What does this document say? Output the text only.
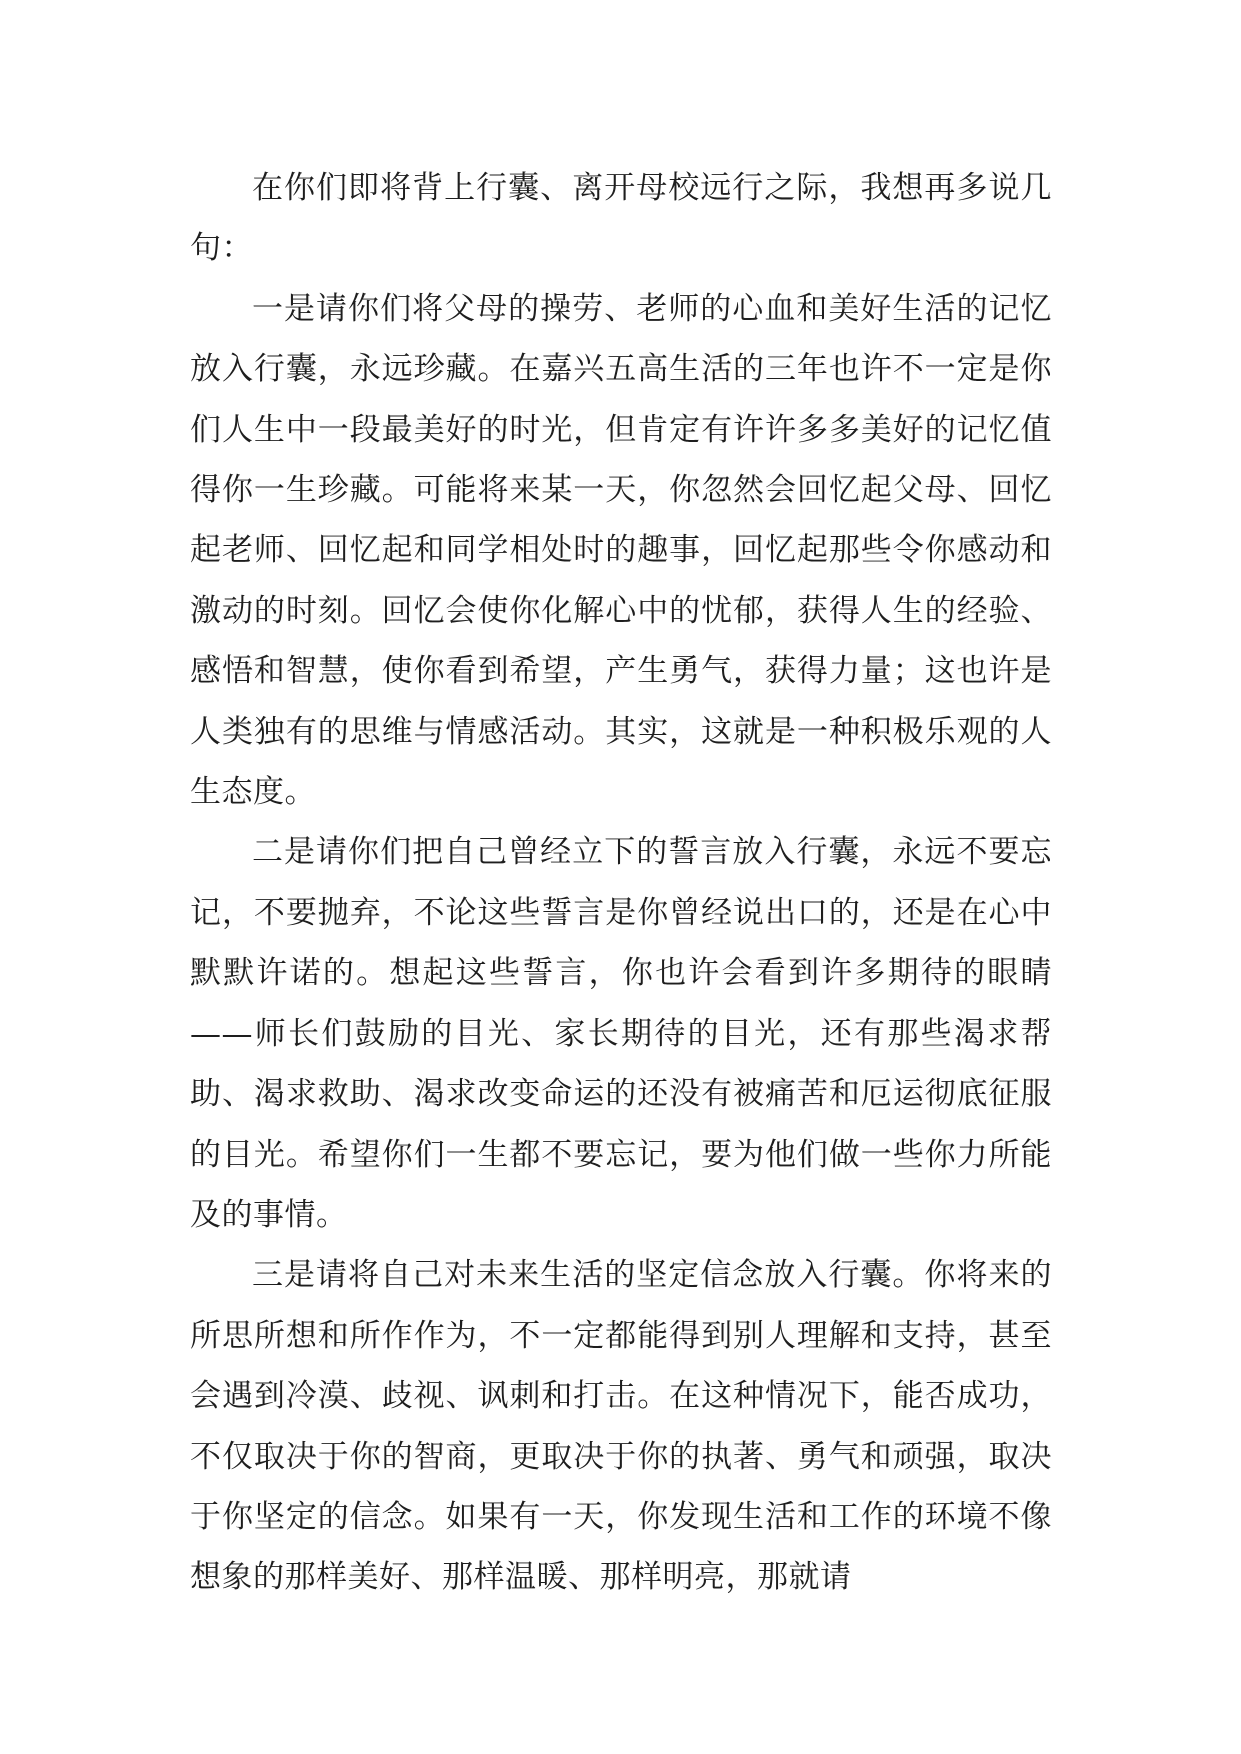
在你们即将背上行囊、离开母校远行之际，我想再多说几句：

一是请你们将父母的操劳、老师的心血和美好生活的记忆放入行囊，永远珍藏。在嘉兴五高生活的三年也许不一定是你们人生中一段最美好的时光，但肯定有许许多多美好的记忆值得你一生珍藏。可能将来某一天，你忽然会回忆起父母、回忆起老师、回忆起和同学相处时的趣事，回忆起那些令你感动和激动的时刻。回忆会使你化解心中的忧郁，获得人生的经验、感悟和智慧，使你看到希望，产生勇气，获得力量；这也许是人类独有的思维与情感活动。其实，这就是一种积极乐观的人生态度。

二是请你们把自己曾经立下的誓言放入行囊，永远不要忘记，不要抛弃，不论这些誓言是你曾经说出口的，还是在心中默默许诺的。想起这些誓言，你也许会看到许多期待的眼睛——师长们鼓励的目光、家长期待的目光，还有那些渴求帮助、渴求救助、渴求改变命运的还没有被痛苦和厄运彻底征服的目光。希望你们一生都不要忘记，要为他们做一些你力所能及的事情。

三是请将自己对未来生活的坚定信念放入行囊。你将来的所思所想和所作作为，不一定都能得到别人理解和支持，甚至会遇到冷漠、歧视、讽刺和打击。在这种情况下，能否成功，不仅取决于你的智商，更取决于你的执著、勇气和顽强，取决于你坚定的信念。如果有一天，你发现生活和工作的环境不像想象的那样美好、那样温暖、那样明亮，那就请
